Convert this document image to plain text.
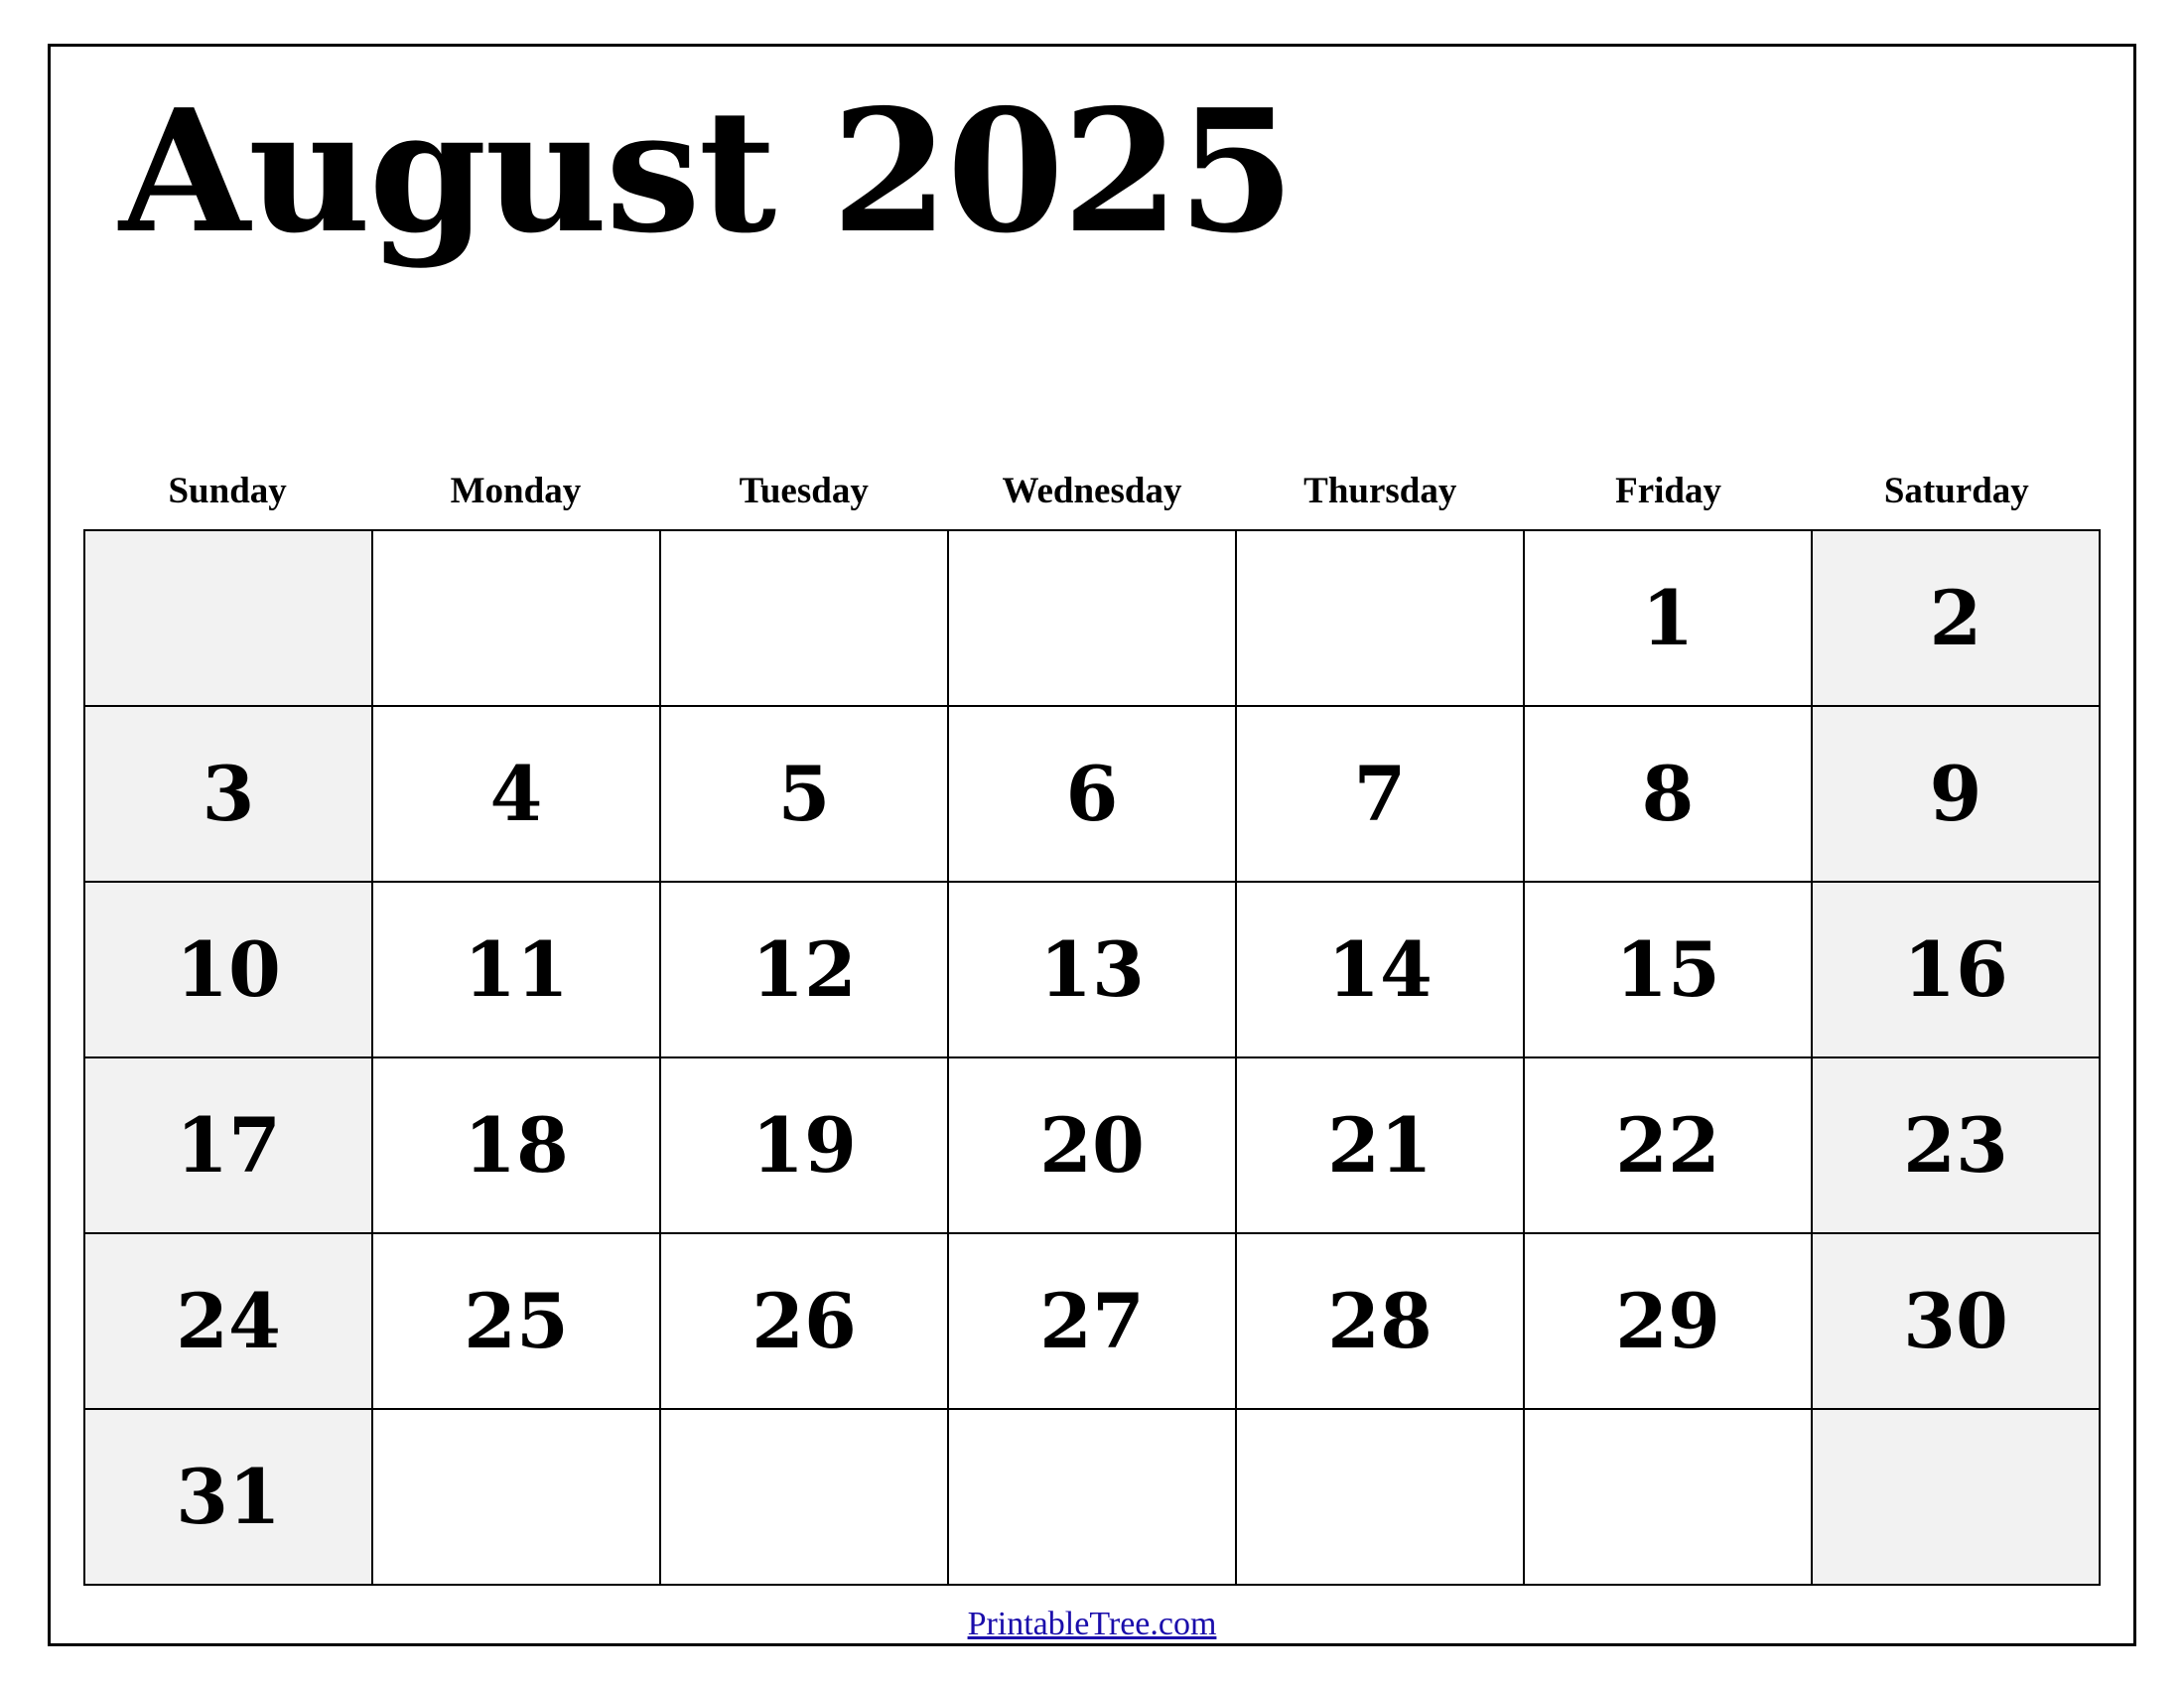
August 2025
Sunday	Monday	Tuesday	Wednesday	Thursday	Friday	Saturday
					1	2
3	4	5	6	7	8	9
10	11	12	13	14	15	16
17	18	19	20	21	22	23
24	25	26	27	28	29	30
31						
PrintableTree.com
